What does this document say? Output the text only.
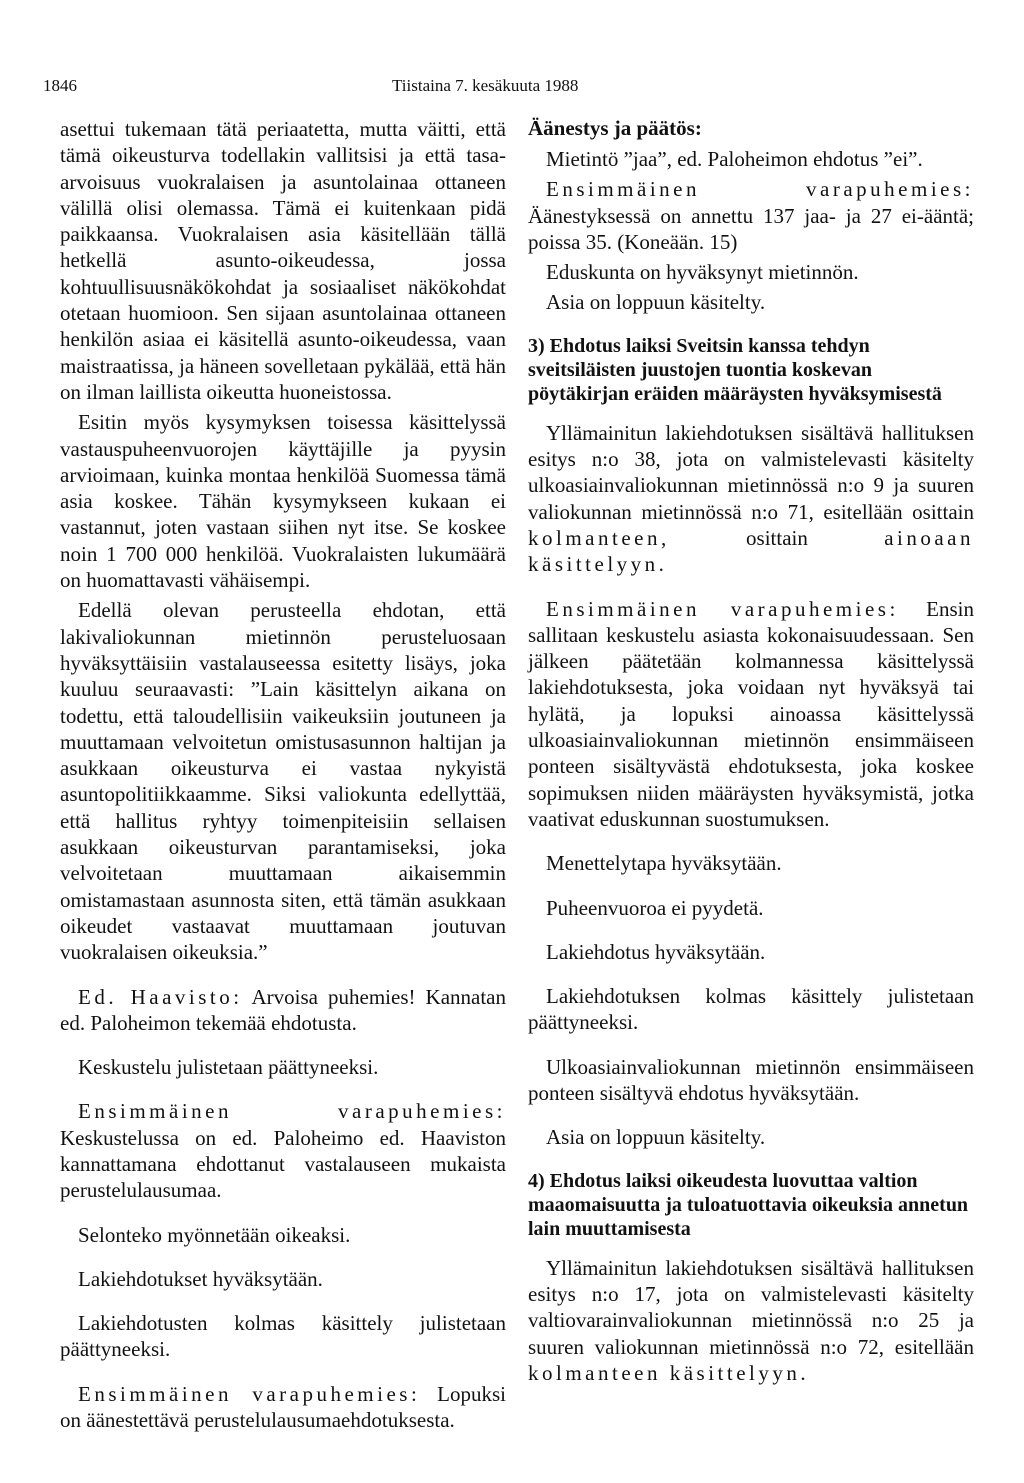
1846	Tiistaina 7. kesäkuuta 1988

asettui tukemaan tätä periaatetta, mutta väitti, että tämä oikeusturva todellakin vallitsisi ja että tasa-arvoisuus vuokralaisen ja asuntolainaa ottaneen välillä olisi olemassa. Tämä ei kuitenkaan pidä paikkaansa. Vuokralaisen asia käsitellään tällä hetkellä asunto-oikeudessa, jossa kohtuullisuusnäkökohdat ja sosiaaliset näkökohdat otetaan huomioon. Sen sijaan asuntolainaa ottaneen henkilön asiaa ei käsitellä asunto-oikeudessa, vaan maistraatissa, ja häneen sovelletaan pykälää, että hän on ilman laillista oikeutta huoneistossa.

Esitin myös kysymyksen toisessa käsittelyssä vastauspuheenvuorojen käyttäjille ja pyysin arvioimaan, kuinka montaa henkilöä Suomessa tämä asia koskee. Tähän kysymykseen kukaan ei vastannut, joten vastaan siihen nyt itse. Se koskee noin 1 700 000 henkilöä. Vuokralaisten lukumäärä on huomattavasti vähäisempi.

Edellä olevan perusteella ehdotan, että lakivaliokunnan mietinnön perusteluosaan hyväksyttäisiin vastalauseessa esitetty lisäys, joka kuuluu seuraavasti: ”Lain käsittelyn aikana on todettu, että taloudellisiin vaikeuksiin joutuneen ja muuttamaan velvoitetun omistusasunnon haltijan ja asukkaan oikeusturva ei vastaa nykyistä asuntopolitiikkaamme. Siksi valiokunta edellyttää, että hallitus ryhtyy toimenpiteisiin sellaisen asukkaan oikeusturvan parantamiseksi, joka velvoitetaan muuttamaan aikaisemmin omistamastaan asunnosta siten, että tämän asukkaan oikeudet vastaavat muuttamaan joutuvan vuokralaisen oikeuksia.”

Ed. Haavisto: Arvoisa puhemies! Kannatan ed. Paloheimon tekemää ehdotusta.

Keskustelu julistetaan päättyneeksi.

Ensimmäinen varapuhemies: Keskustelussa on ed. Paloheimo ed. Haaviston kannattamana ehdottanut vastalauseen mukaista perustelulausumaa.

Selonteko myönnetään oikeaksi.

Lakiehdotukset hyväksytään.

Lakiehdotusten kolmas käsittely julistetaan päättyneeksi.

Ensimmäinen varapuhemies: Lopuksi on äänestettävä perustelulausumaehdotuksesta.

Äänestys ja päätös:

Mietintö ”jaa”, ed. Paloheimon ehdotus ”ei”.

Ensimmäinen varapuhemies: Äänestyksessä on annettu 137 jaa- ja 27 ei-ääntä; poissa 35. (Koneään. 15)

Eduskunta on hyväksynyt mietinnön.

Asia on loppuun käsitelty.

3) Ehdotus laiksi Sveitsin kanssa tehdyn sveitsiläisten juustojen tuontia koskevan pöytäkirjan eräiden määräysten hyväksymisestä

Yllämainitun lakiehdotuksen sisältävä hallituksen esitys n:o 38, jota on valmistelevasti käsitelty ulkoasiainvaliokunnan mietinnössä n:o 9 ja suuren valiokunnan mietinnössä n:o 71, esitellään osittain kolmanteen, osittain ainoaan käsittelyyn.

Ensimmäinen varapuhemies: Ensin sallitaan keskustelu asiasta kokonaisuudessaan. Sen jälkeen päätetään kolmannessa käsittelyssä lakiehdotuksesta, joka voidaan nyt hyväksyä tai hylätä, ja lopuksi ainoassa käsittelyssä ulkoasiainvaliokunnan mietinnön ensimmäiseen ponteen sisältyvästä ehdotuksesta, joka koskee sopimuksen niiden määräysten hyväksymistä, jotka vaativat eduskunnan suostumuksen.

Menettelytapa hyväksytään.

Puheenvuoroa ei pyydetä.

Lakiehdotus hyväksytään.

Lakiehdotuksen kolmas käsittely julistetaan päättyneeksi.

Ulkoasiainvaliokunnan mietinnön ensimmäiseen ponteen sisältyvä ehdotus hyväksytään.

Asia on loppuun käsitelty.

4) Ehdotus laiksi oikeudesta luovuttaa valtion maaomaisuutta ja tuloatuottavia oikeuksia annetun lain muuttamisesta

Yllämainitun lakiehdotuksen sisältävä hallituksen esitys n:o 17, jota on valmistelevasti käsitelty valtiovarainvaliokunnan mietinnössä n:o 25 ja suuren valiokunnan mietinnössä n:o 72, esitellään kolmanteen käsittelyyn.
